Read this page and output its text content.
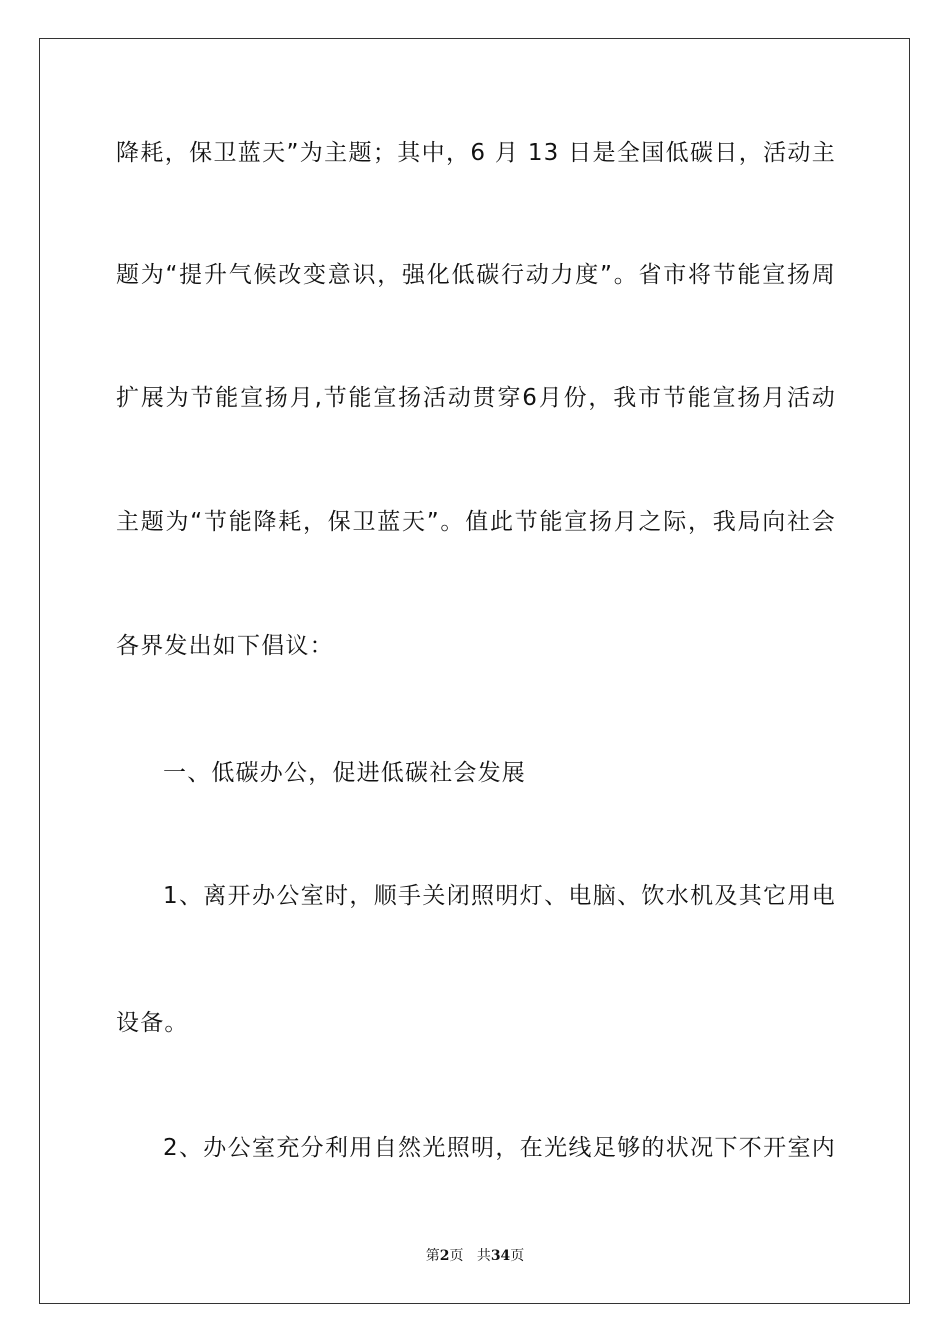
降耗，保卫蓝天”为主题；其中，6 月 13 日是全国低碳日，活动主
题为“提升气候改变意识，强化低碳行动力度”。省市将节能宣扬周
扩展为节能宣扬月,节能宣扬活动贯穿6月份，我市节能宣扬月活动
主题为“节能降耗，保卫蓝天”。值此节能宣扬月之际，我局向社会
各界发出如下倡议：
一、低碳办公，促进低碳社会发展
1、离开办公室时，顺手关闭照明灯、电脑、饮水机及其它用电
设备。
2、办公室充分利用自然光照明，在光线足够的状况下不开室内
第2页 共34页
